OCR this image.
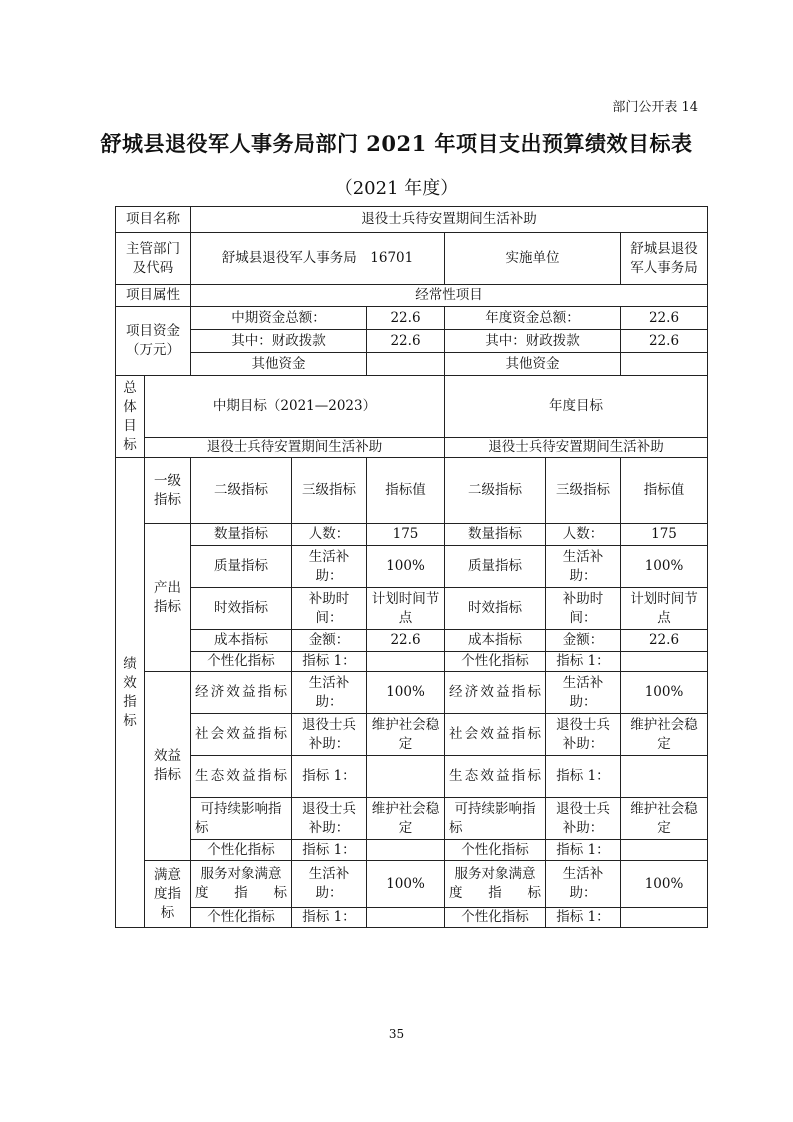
部门公开表 14
舒城县退役军人事务局部门 2021 年项目支出预算绩效目标表
（2021 年度）
项目名称		退役士兵待安置期间生活补助					
主管部门及代码		舒城县退役军人事务局　16701			实施单位		舒城县退役军人事务局
项目属性		经常性项目					
项目资金（万元）		中期资金总额：		22.6	年度资金总额：		22.6
		其中：财政拨款		22.6	其中：财政拨款		22.6
		其他资金			其他资金		
总体目标	中期目标（2021—2023）				年度目标		
	退役士兵待安置期间生活补助				退役士兵待安置期间生活补助		
绩效指标	一级指标	二级指标	三级指标	指标值	二级指标	三级指标	指标值
	产出指标	数量指标	人数：	175	数量指标	人数：	175
		质量指标	生活补助：	100%	质量指标	生活补助：	100%
		时效指标	补助时间：	计划时间节点	时效指标	补助时间：	计划时间节点
		成本指标	金额：	22.6	成本指标	金额：	22.6
		个性化指标	指标 1：		个性化指标	指标 1：	
	效益指标	经济效益指标	生活补助：	100%	经济效益指标	生活补助：	100%
		社会效益指标	退役士兵补助：	维护社会稳定	社会效益指标	退役士兵补助：	维护社会稳定
		生态效益指标	指标 1：		生态效益指标	指标 1：	
		可持续影响指标	退役士兵补助：	维护社会稳定	可持续影响指标	退役士兵补助：	维护社会稳定
		个性化指标	指标 1：		个性化指标	指标 1：	
	满意度指标	服务对象满意度指标	生活补助：	100%	服务对象满意度指标	生活补助：	100%
		个性化指标	指标 1：		个性化指标	指标 1：	
35
